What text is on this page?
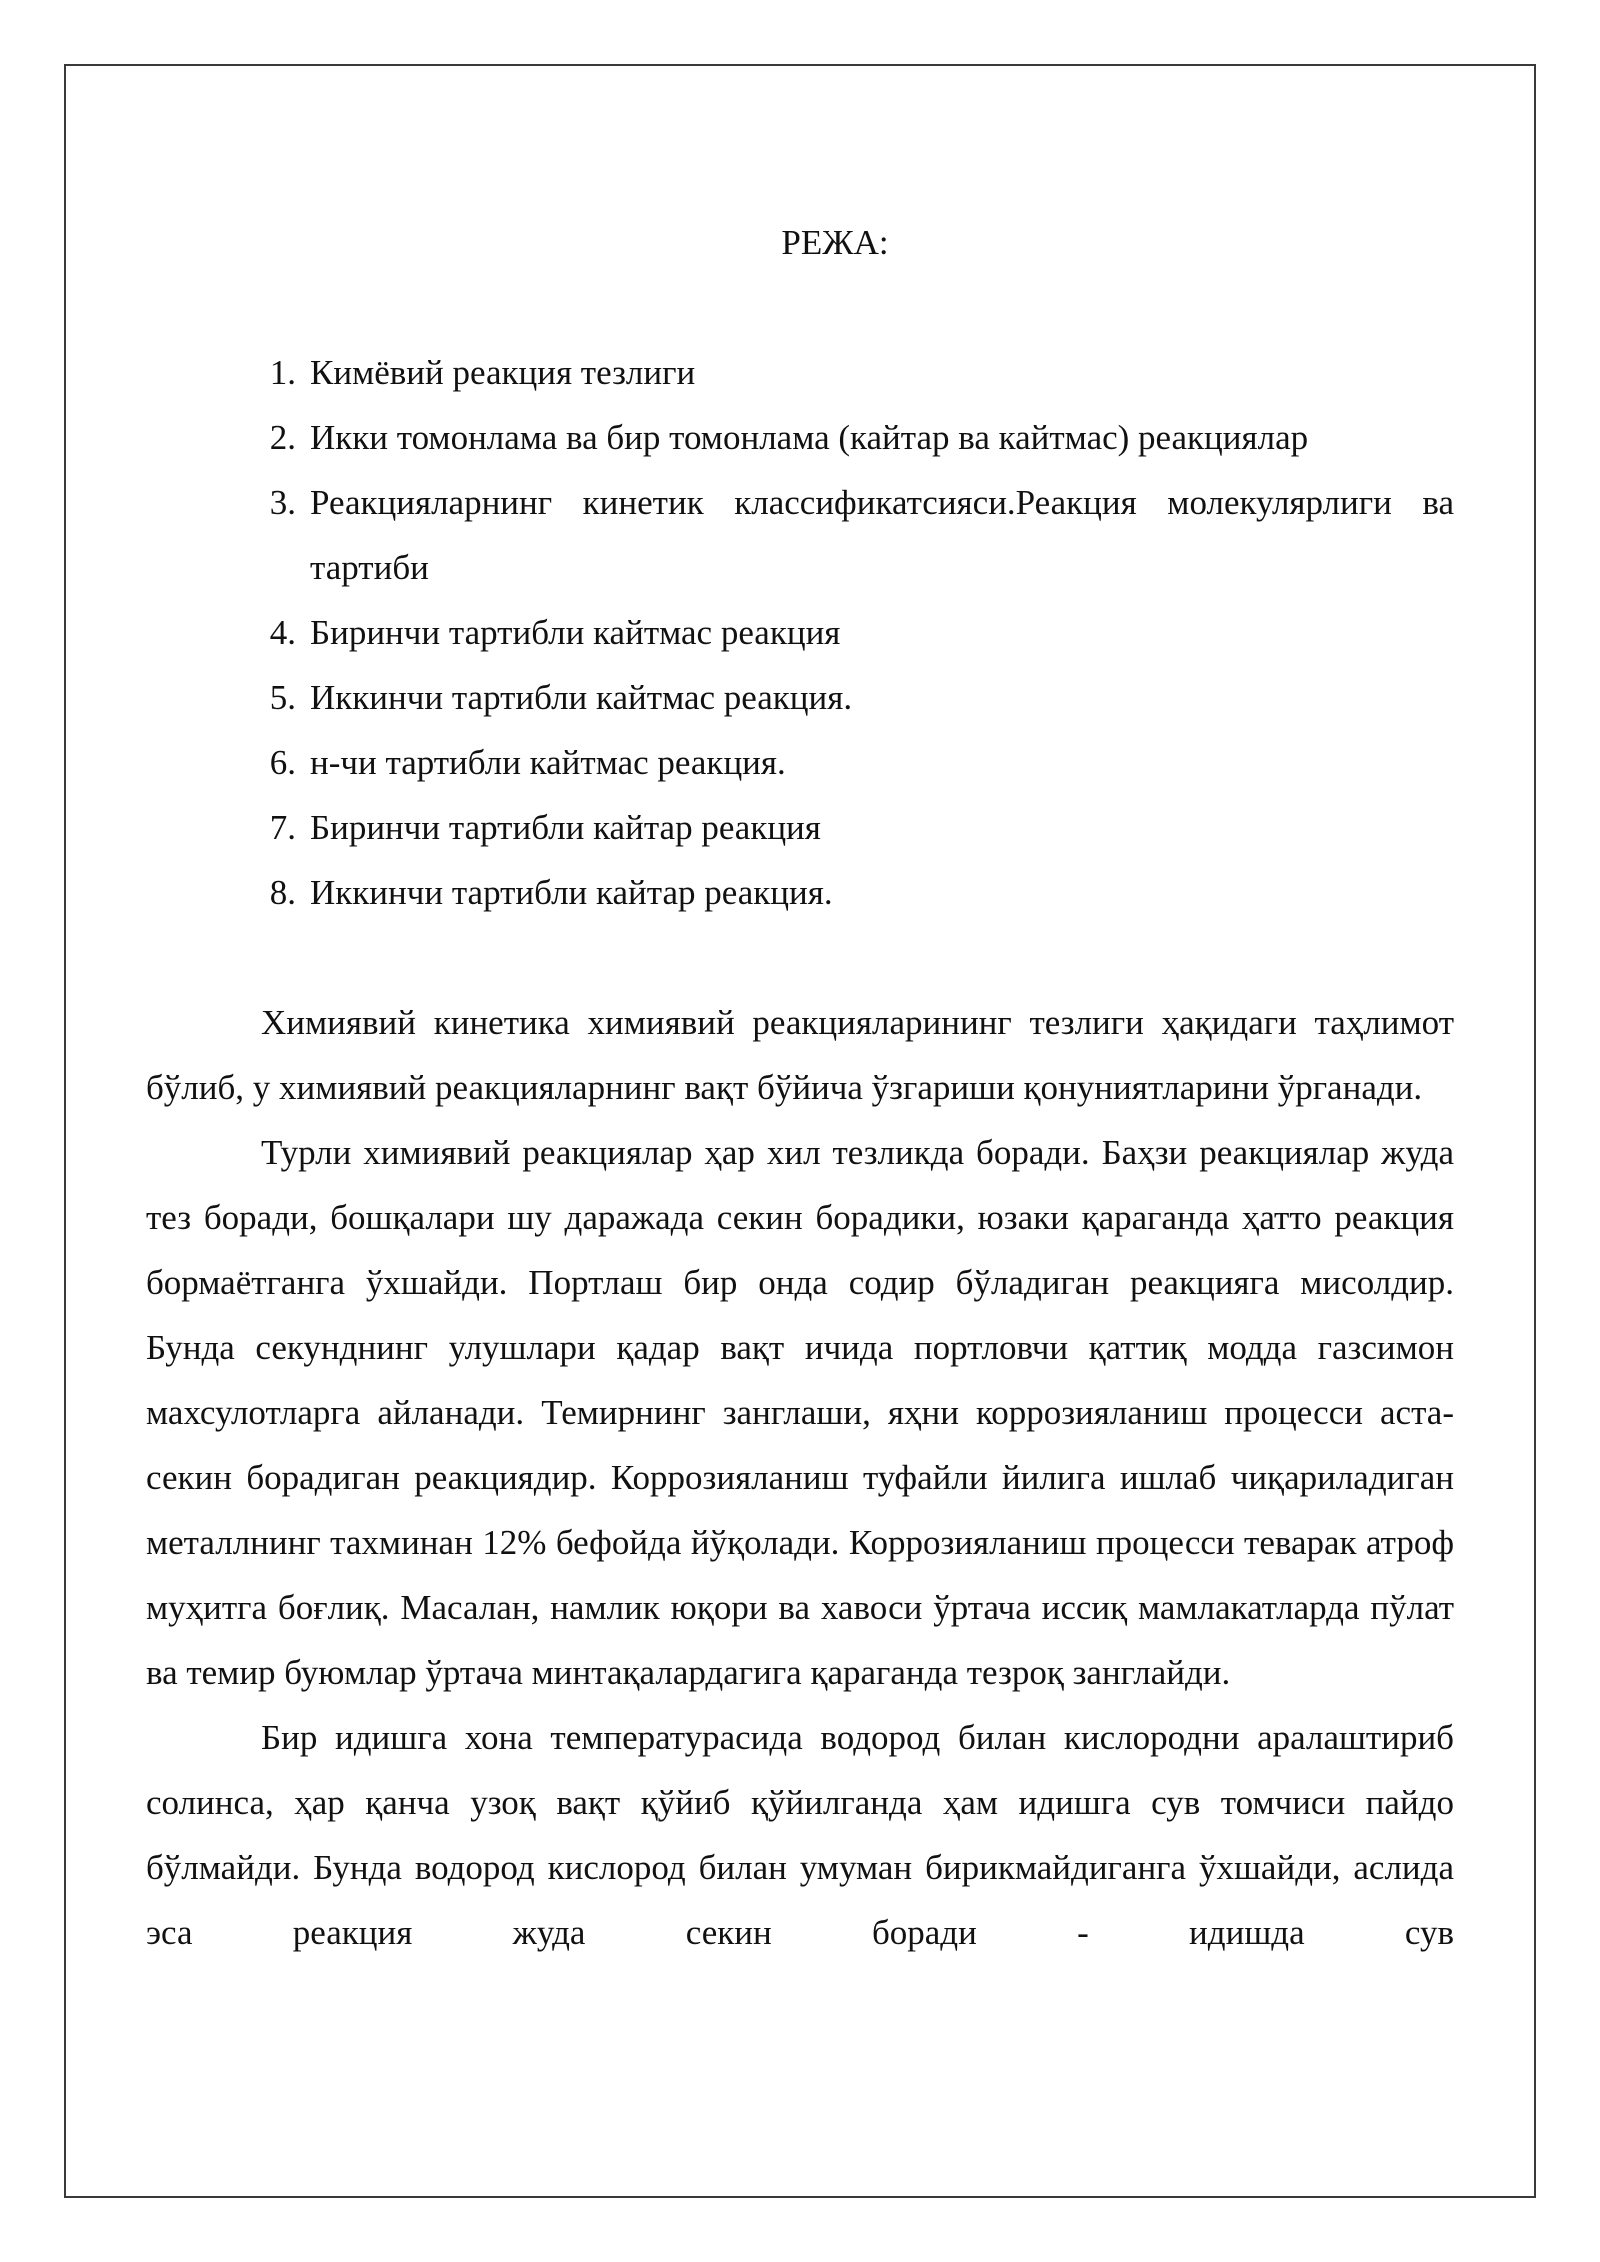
РЕЖА:
1. Кимёвий реакция тезлиги
2. Икки томонлама ва бир томонлама (кайтар ва кайтмас) реакциялар
3. Реакцияларнинг кинетик классификатсияси.Реакция молекулярлиги ва тартиби
4. Биринчи тартибли кайтмас реакция
5. Иккинчи тартибли кайтмас реакция.
6. н-чи тартибли кайтмас реакция.
7. Биринчи тартибли кайтар реакция
8. Иккинчи тартибли кайтар реакция.

Химиявий кинетика химиявий реакцияларининг тезлиги ҳақидаги таҳлимот бўлиб, у химиявий реакцияларнинг вақт бўйича ўзгариши қонуниятларини ўрганади.

Турли химиявий реакциялар ҳар хил тезликда боради. Баҳзи реакциялар жуда тез боради, бошқалари шу даражада секин борадики, юзаки қараганда ҳатто реакция бормаётганга ўхшайди. Портлаш бир онда содир бўладиган реакцияга мисолдир. Бунда секунднинг улушлари қадар вақт ичида портловчи қаттиқ модда газсимон махсулотларга айланади. Темирнинг занглаши, яҳни коррозияланиш процесси аста-секин борадиган реакциядир. Коррозияланиш туфайли йилига ишлаб чиқариладиган металлнинг тахминан 12% бефойда йўқолади. Коррозияланиш процесси теварак атроф муҳитга боғлиқ. Масалан, намлик юқори ва хавоси ўртача иссиқ мамлакатларда пўлат ва темир буюмлар ўртача минтақалардагига қараганда тезроқ занглайди.

Бир идишга хона температурасида водород билан кислородни аралаштириб солинса, ҳар қанча узоқ вақт қўйиб қўйилганда ҳам идишга сув томчиси пайдо бўлмайди. Бунда водород кислород билан умуман бирикмайдиганга ўхшайди, аслида эса реакция жуда секин боради - идишда сув
